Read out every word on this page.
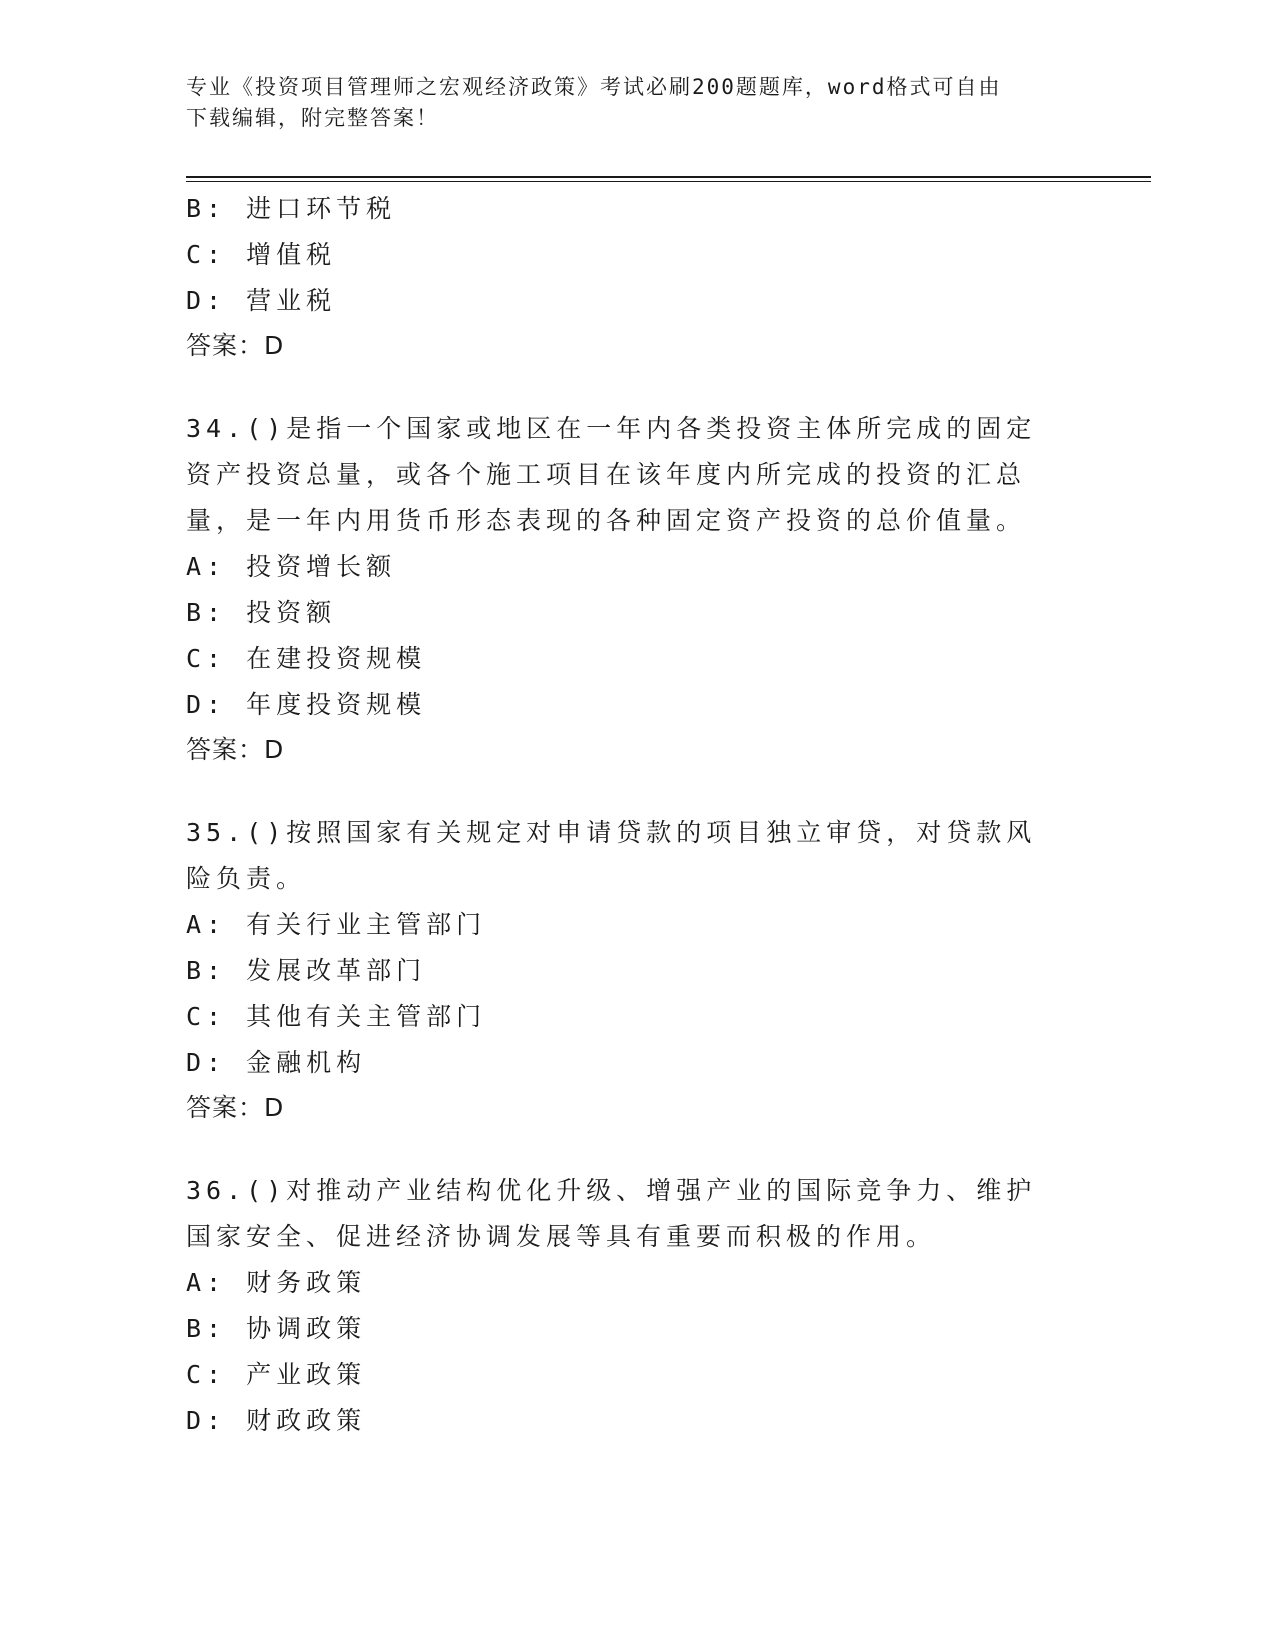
专业《投资项目管理师之宏观经济政策》考试必刷200题题库，word格式可自由
下载编辑，附完整答案！
B: 进口环节税
C: 增值税
D: 营业税
答案：D
34.()是指一个国家或地区在一年内各类投资主体所完成的固定资产投资总量，或各个施工项目在该年度内所完成的投资的汇总量，是一年内用货币形态表现的各种固定资产投资的总价值量。
A: 投资增长额
B: 投资额
C: 在建投资规模
D: 年度投资规模
答案：D
35.()按照国家有关规定对申请贷款的项目独立审贷，对贷款风险负责。
A: 有关行业主管部门
B: 发展改革部门
C: 其他有关主管部门
D: 金融机构
答案：D
36.()对推动产业结构优化升级、增强产业的国际竞争力、维护国家安全、促进经济协调发展等具有重要而积极的作用。
A: 财务政策
B: 协调政策
C: 产业政策
D: 财政政策
